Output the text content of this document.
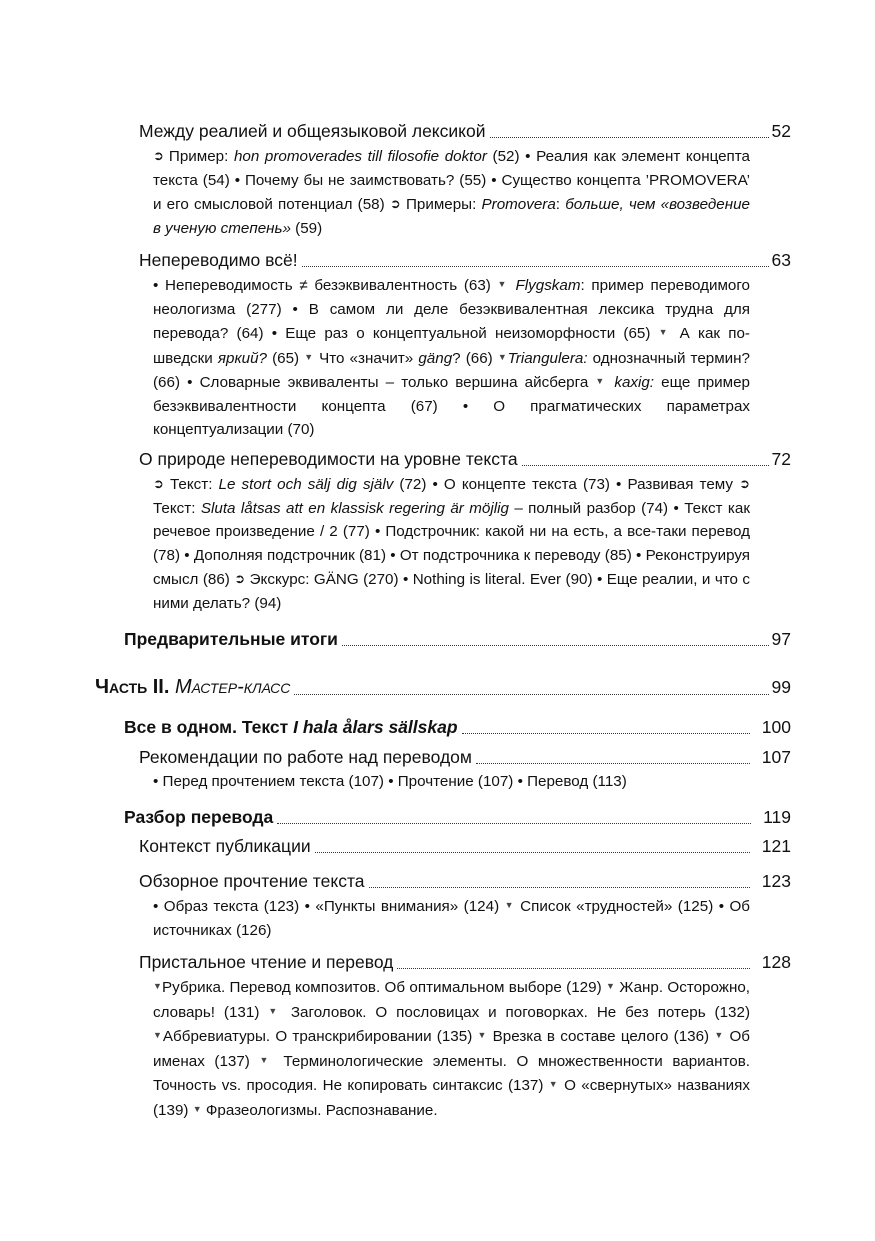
Между реалией и общеязыковой лексикой	52
➲ Пример: hon promoverades till filosofie doktor (52) • Реалия как элемент концепта текста (54) • Почему бы не заимствовать? (55) • Существо концепта ’PROMOVERA’ и его смысловой потенциал (58) ➲ Примеры: Promovera: больше, чем «возведение в ученую степень» (59)
Непереводимо всё!	63
• Непереводимость ≠ безэквивалентность (63) ▼ Flygskam: пример переводимого неологизма (277) • В самом ли деле безэквивалентная лексика трудна для перевода? (64) • Еще раз о концептуальной неизоморфности (65) ▼ А как по-шведски яркий? (65) ▼ Что «значит» gäng? (66) ▼Triangulera: однозначный термин? (66) • Словарные эквиваленты – только вершина айсберга ▼ kaxig: еще пример безэквивалентности концепта (67) • О прагматических параметрах концептуализации (70)
О природе непереводимости на уровне текста	72
➲ Текст: Le stort och sälj dig själv (72) • О концепте текста (73) • Развивая тему ➲ Текст: Sluta låtsas att en klassisk regering är möjlig – полный разбор (74) • Текст как речевое произведение / 2 (77) • Подстрочник: какой ни на есть, а все-таки перевод (78) • Дополняя подстрочник (81) • От подстрочника к переводу (85) • Реконструируя смысл (86) ➲ Экскурс: GÄNG (270) • Nothing is literal. Ever (90) • Еще реалии, и что с ними делать? (94)
Предварительные итоги	97
Часть II. Мастер-класс	99
Все в одном. Текст I hala ålars sällskap	100
Рекомендации по работе над переводом	107
• Перед прочтением текста (107) • Прочтение (107) • Перевод (113)
Разбор перевода	119
Контекст публикации	121
Обзорное прочтение текста	123
• Образ текста (123) • «Пункты внимания» (124) ▼ Список «трудностей» (125) • Об источниках (126)
Пристальное чтение и перевод	128
▼Рубрика. Перевод композитов. Об оптимальном выборе (129) ▼ Жанр. Осторожно, словарь! (131) ▼ Заголовок. О пословицах и поговорках. Не без потерь (132) ▼Аббревиатуры. О транскрибировании (135) ▼ Врезка в составе целого (136) ▼ Об именах (137) ▼ Терминологические элементы. О множественности вариантов. Точность vs. просодия. Не копировать синтаксис (137) ▼ О «свернутых» названиях (139) ▼ Фразеологизмы. Распознавание.
